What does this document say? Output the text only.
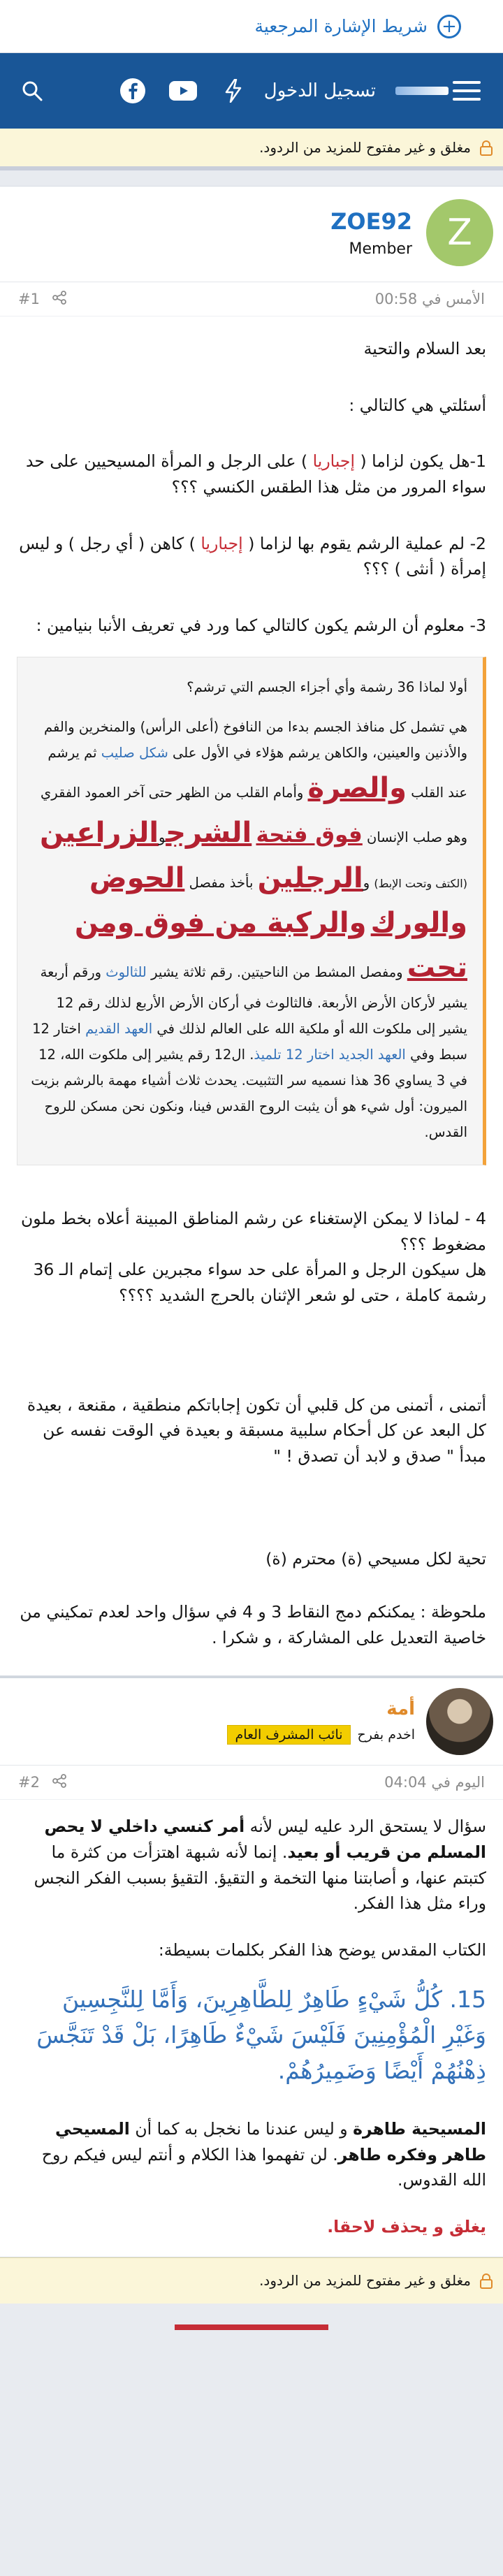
+
شريط الإشارة المرجعية
تسجيل الدخول
مغلق و غير مفتوح للمزيد من الردود.
Z
ZOE92
Member
الأمس في 00:58
#1

بعد السلام والتحية

أسئلتي هي كالتالي :

1-هل يكون لزاما ( إجباريا ) على الرجل و المرأة المسيحيين على حد سواء المرور من مثل هذا الطقس الكنسي ؟؟؟

2- لم عملية الرشم يقوم بها لزاما ( إجباريا ) كاهن ( أي رجل ) و ليس إمرأة ( أنثى ) ؟؟؟

3- معلوم أن الرشم يكون كالتالي كما ورد في تعريف الأنبا بنيامين :

أولا لماذا 36 رشمة وأي أجزاء الجسم التي ترشم؟
هي تشمل كل منافذ الجسم بدءا من النافوخ (أعلى الرأس) والمنخرين والفم والأذنين والعينين، والكاهن يرشم هؤلاء في الأول على شكل صليب ثم يرشم عند القلب والصرة وأمام القلب من الظهر حتى آخر العمود الفقري وهو صلب الإنسان فوق فتحة الشرجوالزراعين (الكتف وتحت الإبط) والرجلين بأخذ مفصل الحوض والورك والركبة من فوق ومن تحت ومفصل المشط من الناحيتين. رقم ثلاثة يشير للثالوث ورقم أربعة يشير لأركان الأرض الأربعة. فالثالوث في أركان الأرض الأربع لذلك رقم 12 يشير إلى ملكوت الله أو ملكية الله على العالم لذلك في العهد القديم اختار 12 سبط وفي العهد الجديد اختار 12 تلميذ. ال12 رقم يشير إلى ملكوت الله، 12 في 3 يساوي 36 هذا نسميه سر التثبيت. يحدث ثلاث أشياء مهمة بالرشم بزيت الميرون: أول شيء هو أن يثبت الروح القدس فينا، ونكون نحن مسكن للروح القدس.

4 - لماذا لا يمكن الإستغناء عن رشم المناطق المبينة أعلاه بخط ملون مضغوط ؟؟؟

هل سيكون الرجل و المرأة على حد سواء مجبرين على إتمام الـ 36 رشمة كاملة ، حتى لو شعر الإثنان بالحرج الشديد ؟؟؟؟

أتمنى ، أتمنى من كل قلبي أن تكون إجاباتكم منطقية ، مقنعة ، بعيدة كل البعد عن كل أحكام سلبية مسبقة و بعيدة في الوقت نفسه عن مبدأ " صدق و لابد أن تصدق ! "

تحية لكل مسيحي (ة) محترم (ة)

ملحوظة : يمكنكم دمج النقاط 3 و 4 في سؤال واحد لعدم تمكيني من خاصية التعديل على المشاركة ، و شكرا .

أمة
اخدم بفرح
نائب المشرف العام
اليوم في 04:04
#2

سؤال لا يستحق الرد عليه ليس لأنه أمر كنسي داخلي لا يحص المسلم من قريب أو بعيد. إنما لأنه شبهة اهتزأت من كثرة ما كتبتم عنها، و أصابتنا منها التخمة و التقيؤ. التقيؤ بسبب الفكر النجس وراء مثل هذا الفكر.

الكتاب المقدس يوضح هذا الفكر بكلمات بسيطة:

15. كُلُّ شَيْءٍ طَاهِرٌ لِلطَّاهِرِينَ، وَأَمَّا لِلنَّجِسِينَ وَغَيْرِ الْمُؤْمِنِينَ فَلَيْسَ شَيْءٌ طَاهِرًا، بَلْ قَدْ تَنَجَّسَ ذِهْنُهُمْ أَيْضًا وَضَمِيرُهُمْ.

المسيحية طاهرة و ليس عندنا ما نخجل به كما أن المسيحي طاهر وفكره طاهر. لن تفهموا هذا الكلام و أنتم ليس فيكم روح الله القدوس.

يغلق و يحذف لاحقا.

مغلق و غير مفتوح للمزيد من الردود.
